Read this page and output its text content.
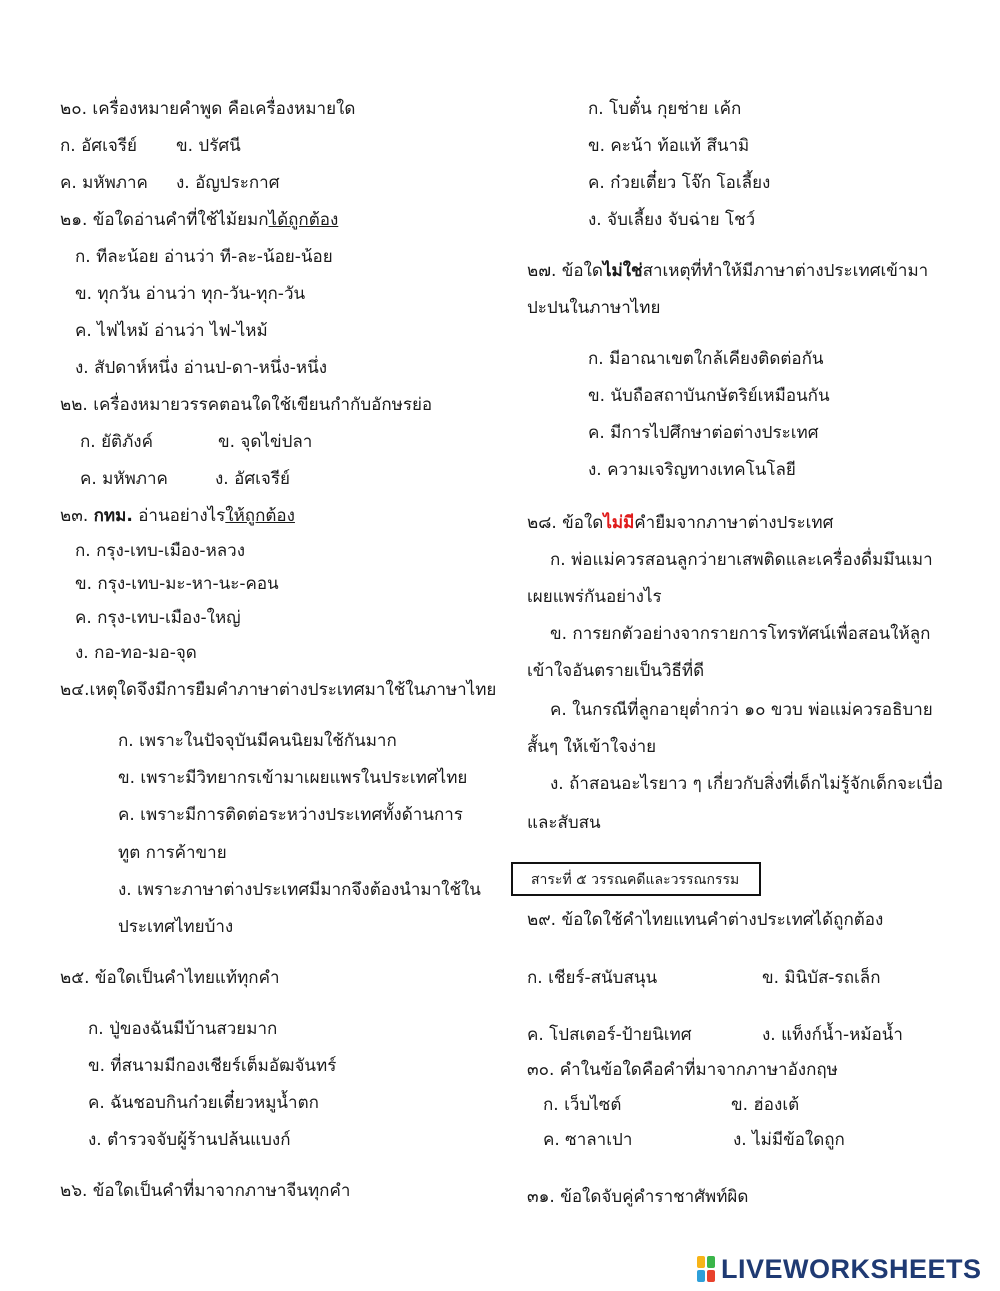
๒๐. เครื่องหมายคำพูด คือเครื่องหมายใด

ก. อัศเจรีย์ ข. ปรัศนี

ค. มหัพภาค ง. อัญประกาศ

๒๑. ข้อใดอ่านคำที่ใช้ไม้ยมกได้ถูกต้อง

ก. ทีละน้อย อ่านว่า ที-ละ-น้อย-น้อย

ข. ทุกวัน อ่านว่า ทุก-วัน-ทุก-วัน

ค. ไฟไหม้ อ่านว่า ไฟ-ไหม้

ง. สัปดาห์หนึ่ง อ่านป-ดา-หนึ่ง-หนึ่ง

๒๒. เครื่องหมายวรรคตอนใดใช้เขียนกำกับอักษรย่อ

ก. ยัติภังค์	ข. จุดไข่ปลา

ค. มหัพภาค	ง. อัศเจรีย์

๒๓. กทม. อ่านอย่างไรให้ถูกต้อง

ก. กรุง-เทบ-เมือง-หลวง

ข. กรุง-เทบ-มะ-หา-นะ-คอน

ค. กรุง-เทบ-เมือง-ใหญ่

ง. กอ-ทอ-มอ-จุด

๒๔.เหตุใดจึงมีการยืมคำภาษาต่างประเทศมาใช้ในภาษาไทย

ก. เพราะในปัจจุบันมีคนนิยมใช้กันมาก

ข. เพราะมีวิทยากรเข้ามาเผยแพรในประเทศไทย

ค. เพราะมีการติดต่อระหว่างประเทศทั้งด้านการ

ทูต การค้าขาย

ง. เพราะภาษาต่างประเทศมีมากจึงต้องนำมาใช้ใน

ประเทศไทยบ้าง

๒๕. ข้อใดเป็นคำไทยแท้ทุกคำ

ก. ปู่ของฉันมีบ้านสวยมาก

ข. ที่สนามมีกองเชียร์เต็มอัฒจันทร์

ค. ฉันชอบกินก๋วยเตี๋ยวหมูน้ำตก

ง. ตำรวจจับผู้ร้านปล้นแบงก์

๒๖. ข้อใดเป็นคำที่มาจากภาษาจีนทุกคำ

ก. โบตั๋น กุยช่าย เค้ก

ข. คะน้า ท้อแท้ สึนามิ

ค. ก๋วยเตี๋ยว โจ๊ก โอเลี้ยง

ง. จับเลี้ยง จับฉ่าย โชว์

๒๗. ข้อใดไม่ใช่สาเหตุที่ทำให้มีภาษาต่างประเทศเข้ามา

ปะปนในภาษาไทย

ก. มีอาณาเขตใกล้เคียงติดต่อกัน

ข. นับถือสถาบันกษัตริย์เหมือนกัน

ค. มีการไปศึกษาต่อต่างประเทศ

ง. ความเจริญทางเทคโนโลยี

๒๘. ข้อใดไม่มีคำยืมจากภาษาต่างประเทศ

ก. พ่อแม่ควรสอนลูกว่ายาเสพติดและเครื่องดื่มมึนเมา

เผยแพร่กันอย่างไร

ข. การยกตัวอย่างจากรายการโทรทัศน์เพื่อสอนให้ลูก

เข้าใจอันตรายเป็นวิธีที่ดี

ค. ในกรณีที่ลูกอายุต่ำกว่า ๑๐ ขวบ พ่อแม่ควรอธิบาย

สั้นๆ ให้เข้าใจง่าย

ง. ถ้าสอนอะไรยาว ๆ เกี่ยวกับสิ่งที่เด็กไม่รู้จักเด็กจะเบื่อ

และสับสน

สาระที่ ๕ วรรณคดีและวรรณกรรม

๒๙. ข้อใดใช้คำไทยแทนคำต่างประเทศได้ถูกต้อง

ก. เชียร์-สนับสนุน	ข. มินิบัส-รถเล็ก

ค. โปสเตอร์-ป้ายนิเทศ	ง. แท็งก์น้ำ-หม้อน้ำ

๓๐. คำในข้อใดคือคำที่มาจากภาษาอังกฤษ

ก. เว็บไซต์	ข. ฮ่องเต้

ค. ซาลาเปา	ง. ไม่มีข้อใดถูก

๓๑. ข้อใดจับคู่คำราชาศัพท์ผิด

LIVEWORKSHEETS
